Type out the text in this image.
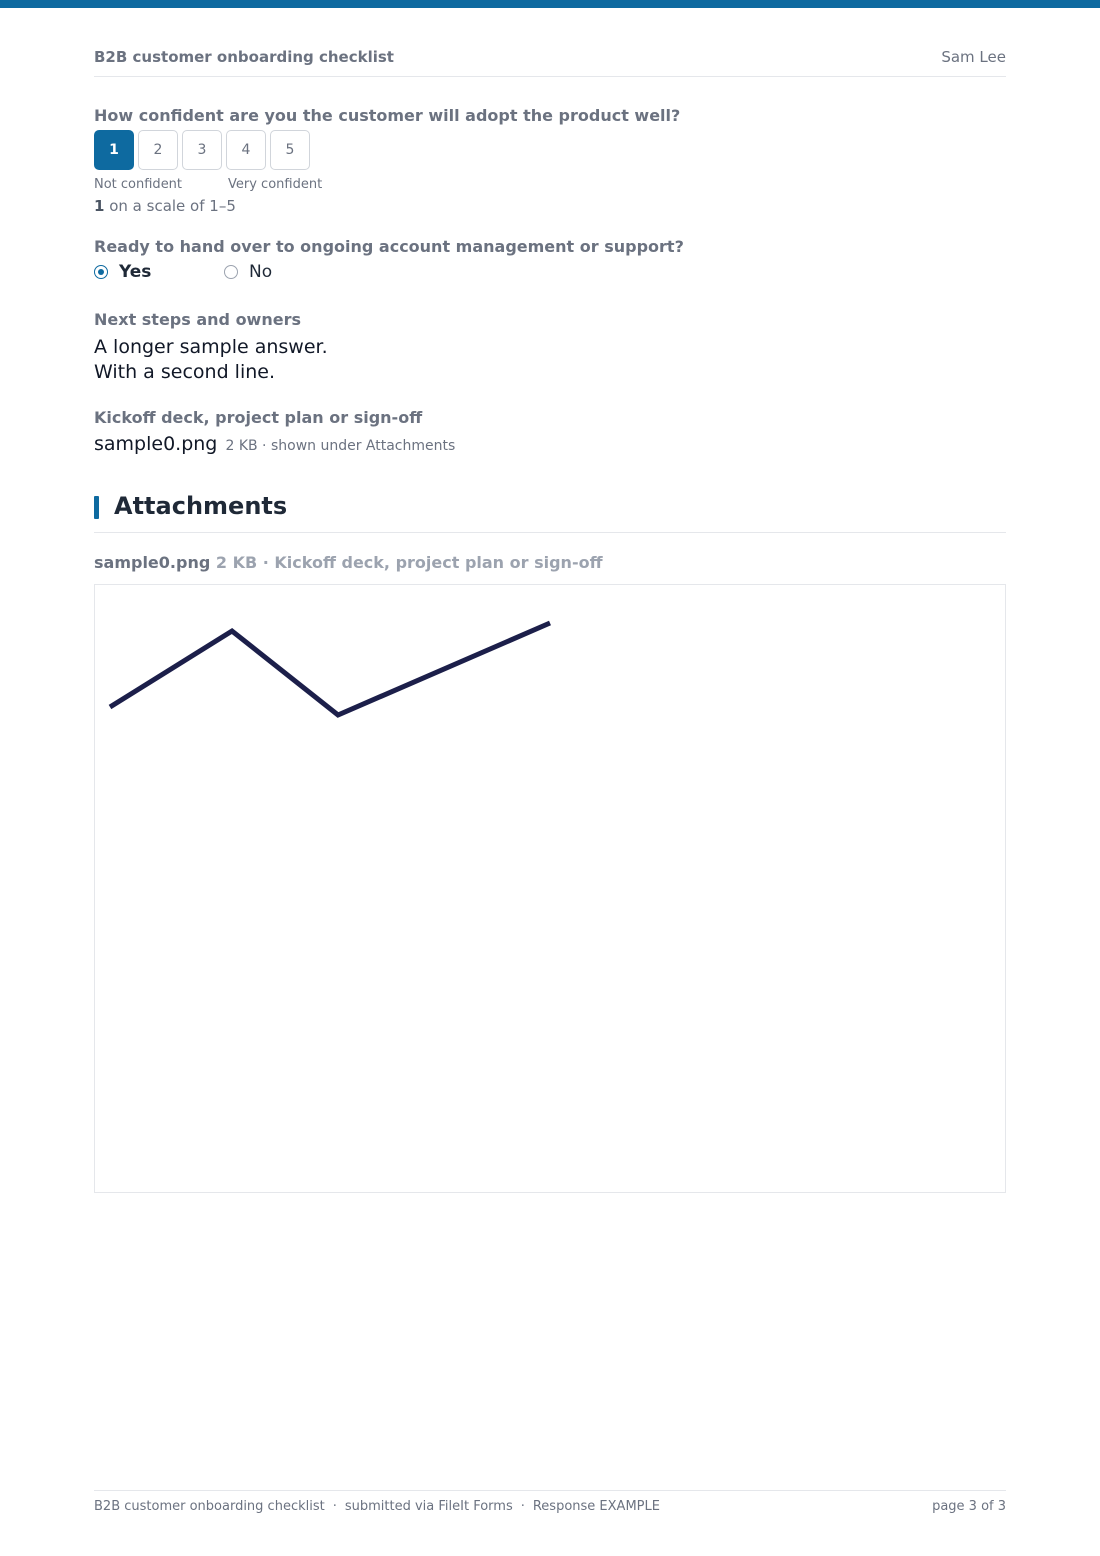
B2B customer onboarding checklist	Sam Lee
How confident are you the customer will adopt the product well?
1	2	3	4	5
Not confident	Very confident
1 on a scale of 1–5
Ready to hand over to ongoing account management or support?
Yes	No
Next steps and owners
A longer sample answer.
With a second line.
Kickoff deck, project plan or sign-off
sample0.png 2 KB · shown under Attachments
Attachments
sample0.png 2 KB · Kickoff deck, project plan or sign-off
B2B customer onboarding checklist · submitted via FileIt Forms · Response EXAMPLE	page 3 of 3
